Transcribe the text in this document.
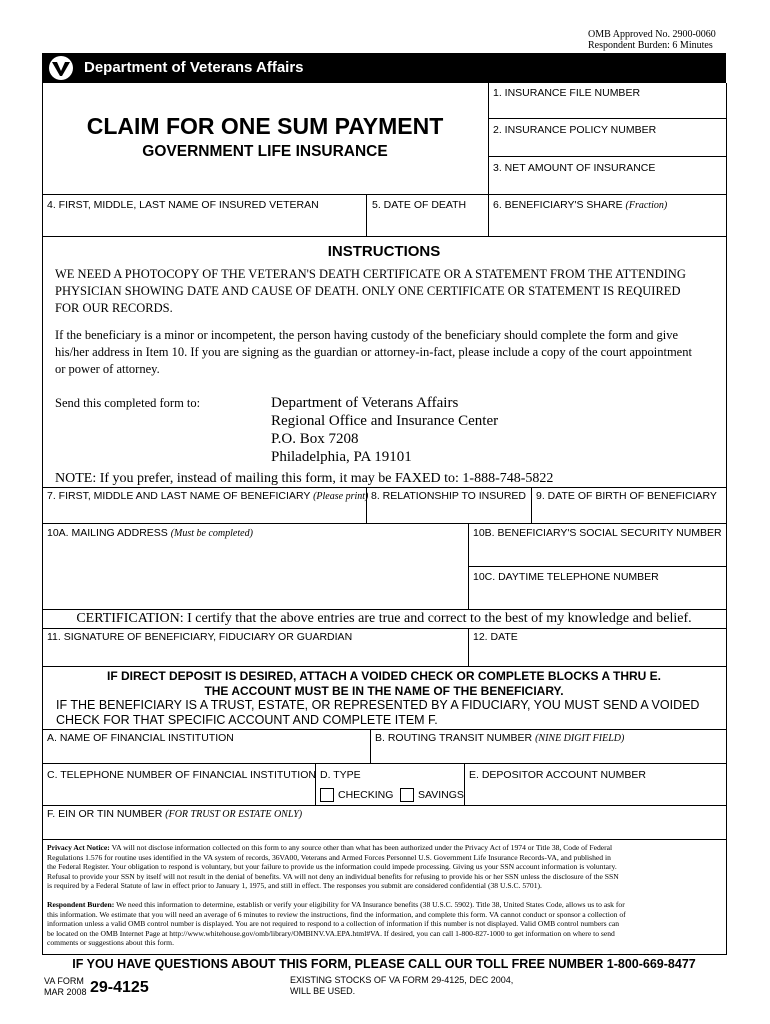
OMB Approved No. 2900-0060
Respondent Burden: 6 Minutes
Department of Veterans Affairs
CLAIM FOR ONE SUM PAYMENT
GOVERNMENT LIFE INSURANCE
1. INSURANCE FILE NUMBER
2. INSURANCE POLICY NUMBER
3. NET AMOUNT OF INSURANCE
4. FIRST, MIDDLE, LAST NAME OF INSURED VETERAN	5. DATE OF DEATH	6. BENEFICIARY'S SHARE (Fraction)
INSTRUCTIONS
WE NEED A PHOTOCOPY OF THE VETERAN'S DEATH CERTIFICATE OR A STATEMENT FROM THE ATTENDING
PHYSICIAN SHOWING DATE AND CAUSE OF DEATH. ONLY ONE CERTIFICATE OR STATEMENT IS REQUIRED
FOR OUR RECORDS.
If the beneficiary is a minor or incompetent, the person having custody of the beneficiary should complete the form and give
his/her address in Item 10. If you are signing as the guardian or attorney-in-fact, please include a copy of the court appointment
or power of attorney.
Send this completed form to:	Department of Veterans Affairs
Regional Office and Insurance Center
P.O. Box 7208
Philadelphia, PA 19101
NOTE: If you prefer, instead of mailing this form, it may be FAXED to: 1-888-748-5822
7. FIRST, MIDDLE AND LAST NAME OF BENEFICIARY (Please print) 8. RELATIONSHIP TO INSURED 9. DATE OF BIRTH OF BENEFICIARY
10A. MAILING ADDRESS (Must be completed)	10B. BENEFICIARY'S SOCIAL SECURITY NUMBER
10C. DAYTIME TELEPHONE NUMBER
CERTIFICATION: I certify that the above entries are true and correct to the best of my knowledge and belief.
11. SIGNATURE OF BENEFICIARY, FIDUCIARY OR GUARDIAN	12. DATE
IF DIRECT DEPOSIT IS DESIRED, ATTACH A VOIDED CHECK OR COMPLETE BLOCKS A THRU E.
THE ACCOUNT MUST BE IN THE NAME OF THE BENEFICIARY.
IF THE BENEFICIARY IS A TRUST, ESTATE, OR REPRESENTED BY A FIDUCIARY, YOU MUST SEND A VOIDED
CHECK FOR THAT SPECIFIC ACCOUNT AND COMPLETE ITEM F.
A. NAME OF FINANCIAL INSTITUTION	B. ROUTING TRANSIT NUMBER (NINE DIGIT FIELD)
C. TELEPHONE NUMBER OF FINANCIAL INSTITUTION D. TYPE
CHECKING	SAVINGS
E. DEPOSITOR ACCOUNT NUMBER
F. EIN OR TIN NUMBER (FOR TRUST OR ESTATE ONLY)
Privacy Act Notice: VA will not disclose information collected on this form to any source other than what has been authorized under the Privacy Act of 1974 or Title 38, Code of Federal
Regulations 1.576 for routine uses identified in the VA system of records, 36VA00, Veterans and Armed Forces Personnel U.S. Government Life Insurance Records-VA, and published in
the Federal Register. Your obligation to respond is voluntary, but your failure to provide us the information could impede processing. Giving us your SSN account information is voluntary.
Refusal to provide your SSN by itself will not result in the denial of benefits. VA will not deny an individual benefits for refusing to provide his or her SSN unless the disclosure of the SSN
is required by a Federal Statute of law in effect prior to January 1, 1975, and still in effect. The responses you submit are considered confidential (38 U.S.C. 5701).
Respondent Burden: We need this information to determine, establish or verify your eligibility for VA Insurance benefits (38 U.S.C. 5902). Title 38, United States Code, allows us to ask for
this information. We estimate that you will need an average of 6 minutes to review the instructions, find the information, and complete this form. VA cannot conduct or sponsor a collection of
information unless a valid OMB control number is displayed. You are not required to respond to a collection of information if this number is not displayed. Valid OMB control numbers can
be located on the OMB Internet Page at http://www.whitehouse.gov/omb/library/OMBINV.VA.EPA.html#VA. If desired, you can call 1-800-827-1000 to get information on where to send
comments or suggestions about this form.
IF YOU HAVE QUESTIONS ABOUT THIS FORM, PLEASE CALL OUR TOLL FREE NUMBER 1-800-669-8477
VA FORM
MAR 2008 29-4125	EXISTING STOCKS OF VA FORM 29-4125, DEC 2004,
WILL BE USED.
